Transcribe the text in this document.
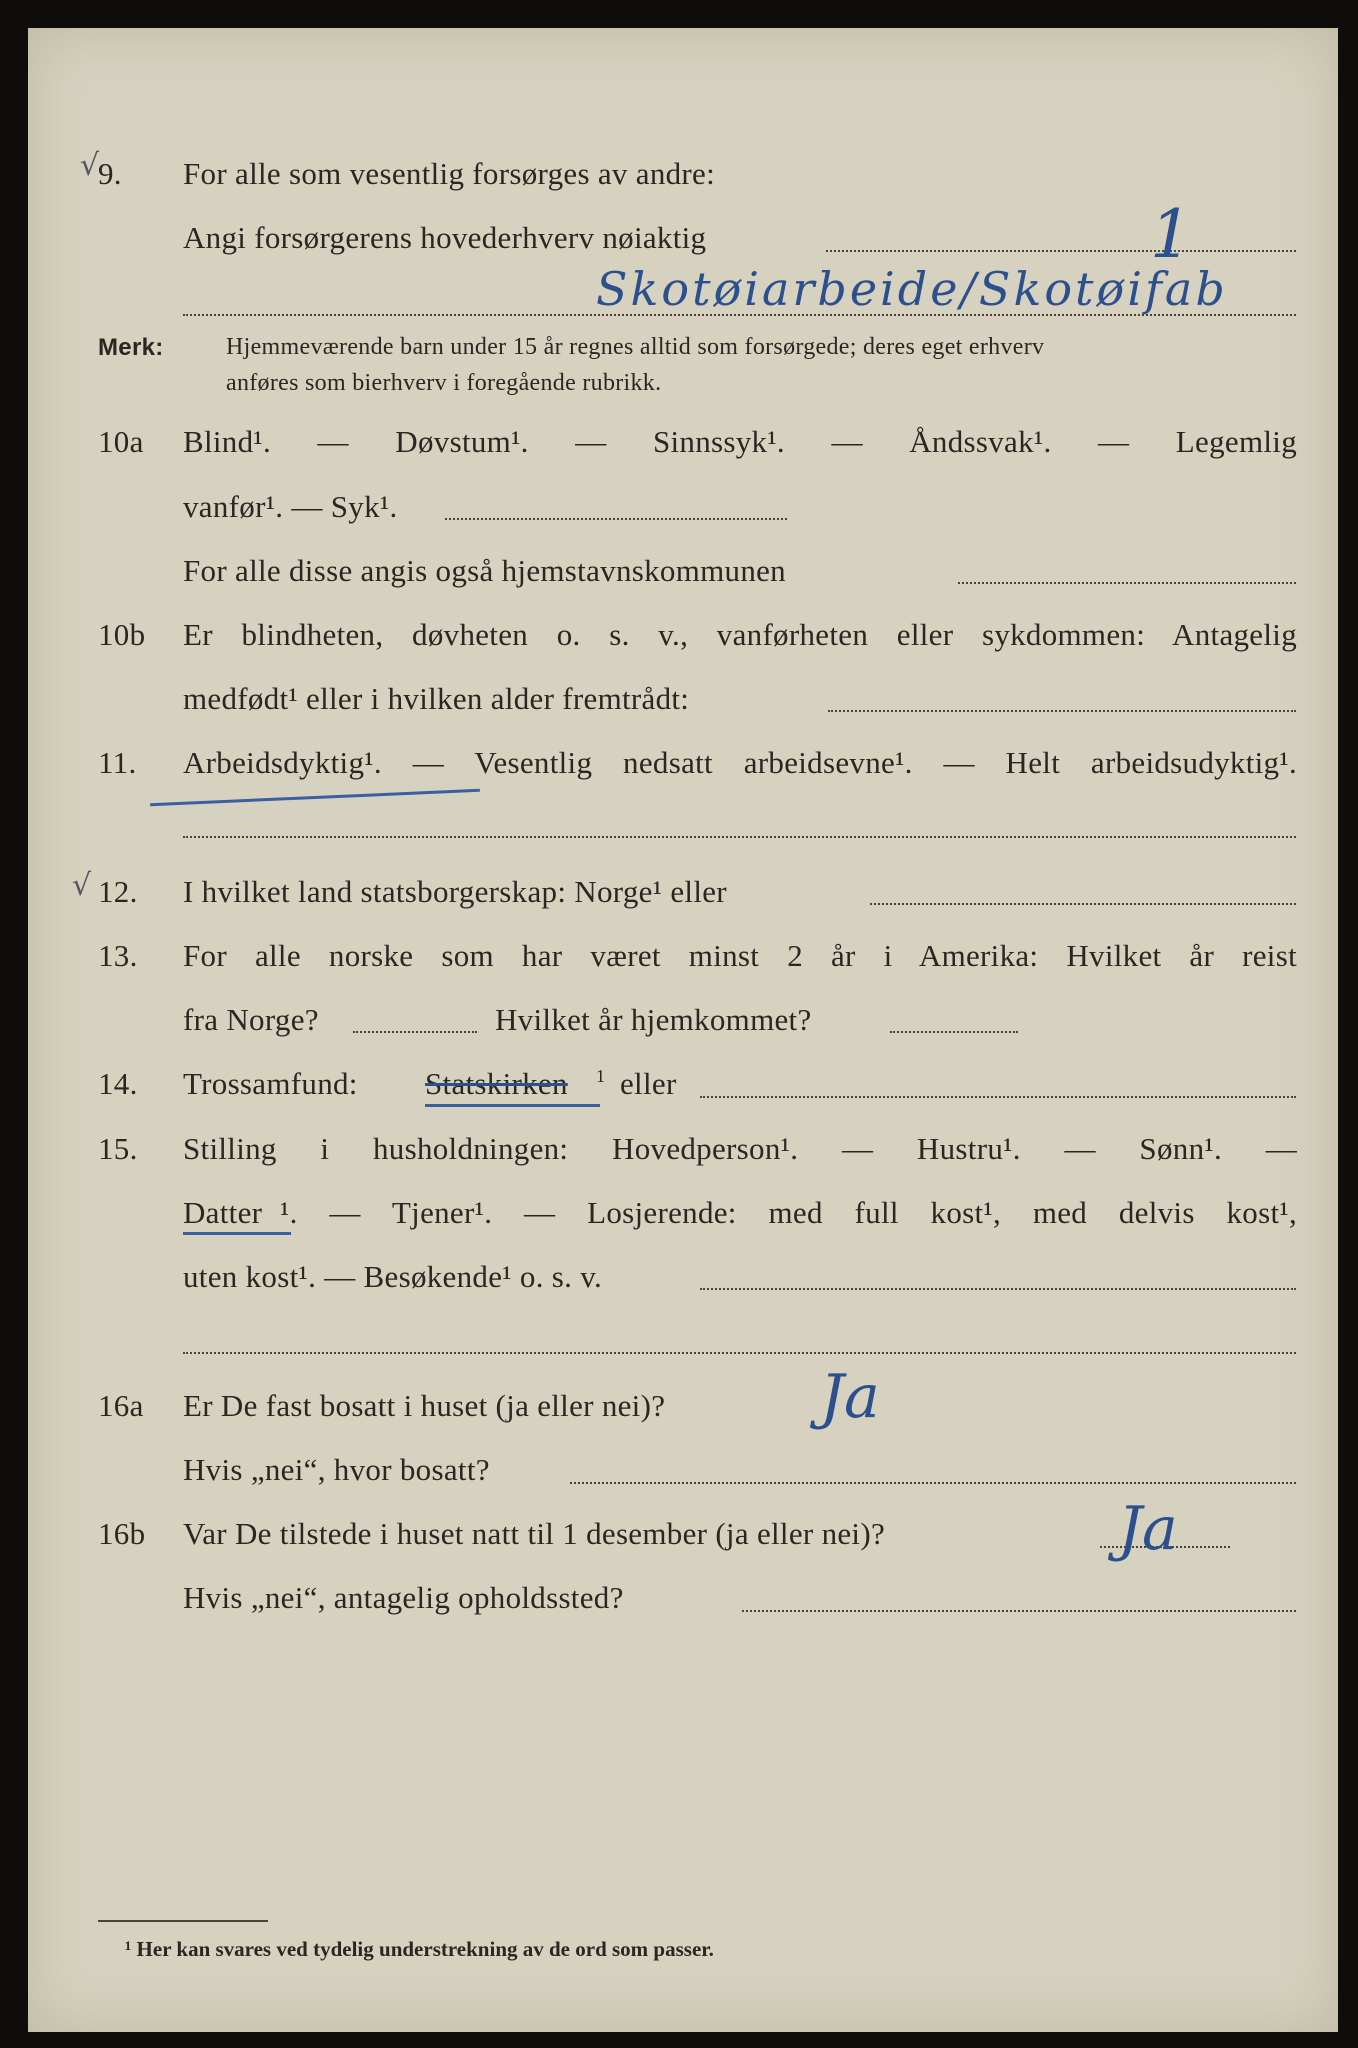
√
9. For alle som vesentlig forsørges av andre:
Angi forsørgerens hovederhverv nøiaktig	1
Skotøiarbeide/Skotøifab
Merk:	Hjemmeværende barn under 15 år regnes alltid som forsørgede; deres eget erhverv
anføres som bierhverv i foregående rubrikk.
10a Blind¹. — Døvstum¹. — Sinnssyk¹. — Åndssvak¹. — Legemlig
vanfør¹. — Syk¹.
For alle disse angis også hjemstavnskommunen
10b Er blindheten, døvheten o. s. v., vanførheten eller sykdommen: Antagelig
medfødt¹ eller i hvilken alder fremtrådt:
11. Arbeidsdyktig¹. — Vesentlig nedsatt arbeidsevne¹. — Helt arbeidsudyktig¹.
√ 12. I hvilket land statsborgerskap: Norge¹ eller
13. For alle norske som har været minst 2 år i Amerika: Hvilket år reist
fra Norge?	Hvilket år hjemkommet?
14. Trossamfund: Statskirken 1 eller
15. Stilling i husholdningen: Hovedperson¹. — Hustru¹. — Sønn¹. —
Datter ¹. — Tjener¹. — Losjerende: med full kost¹, med delvis kost¹,
uten kost¹. — Besøkende¹ o. s. v.
16a Er De fast bosatt i huset (ja eller nei)?	Ja
Hvis „nei“, hvor bosatt?
16b Var De tilstede i huset natt til 1 desember (ja eller nei)?	Ja
Hvis „nei“, antagelig opholdssted?
¹ Her kan svares ved tydelig understrekning av de ord som passer.
